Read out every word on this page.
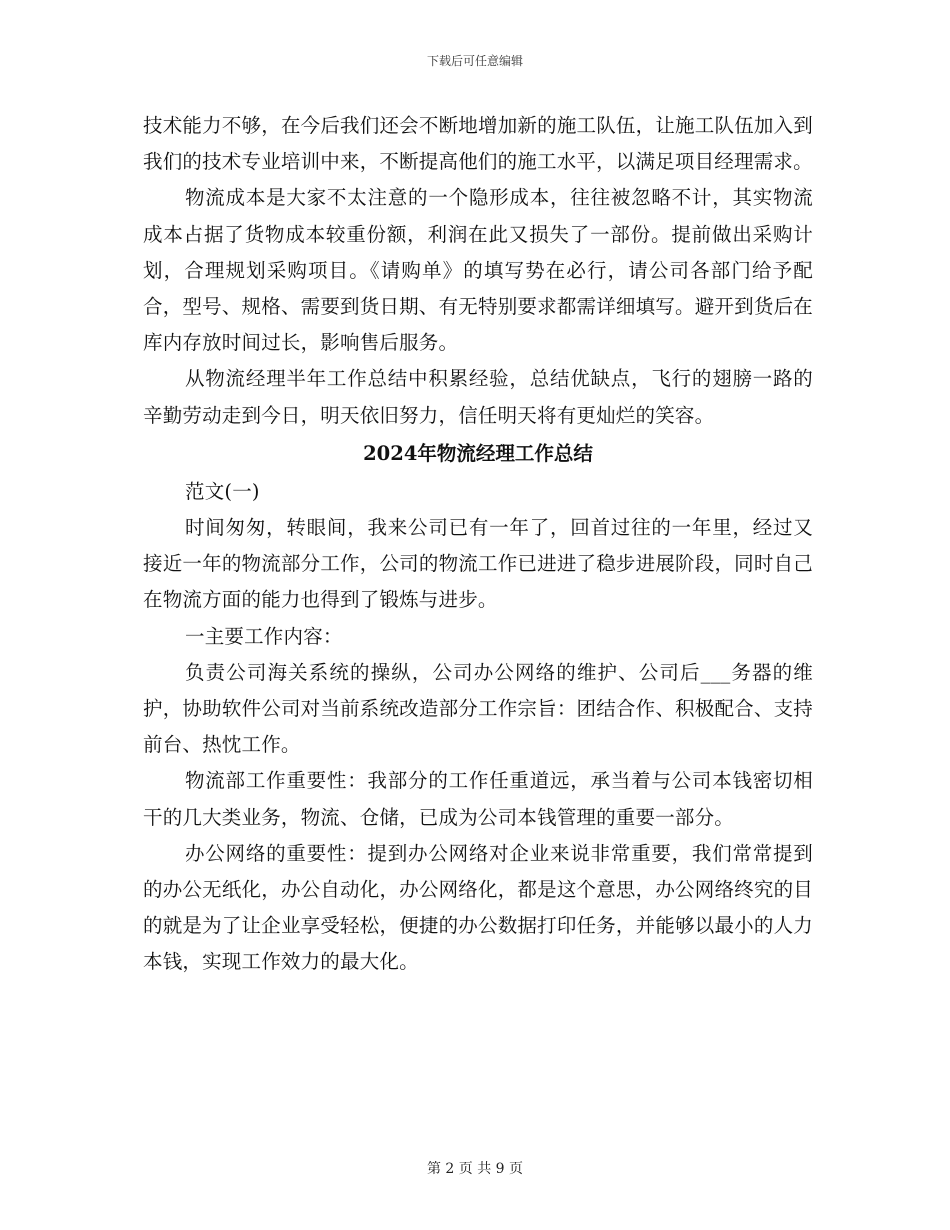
下载后可任意编辑

技术能力不够，在今后我们还会不断地增加新的施工队伍，让施工队伍加入到我们的技术专业培训中来，不断提高他们的施工水平，以满足项目经理需求。

物流成本是大家不太注意的一个隐形成本，往往被忽略不计，其实物流成本占据了货物成本较重份额，利润在此又损失了一部份。提前做出采购计划，合理规划采购项目。《请购单》的填写势在必行，请公司各部门给予配合，型号、规格、需要到货日期、有无特别要求都需详细填写。避开到货后在库内存放时间过长，影响售后服务。

从物流经理半年工作总结中积累经验，总结优缺点，飞行的翅膀一路的辛勤劳动走到今日，明天依旧努力，信任明天将有更灿烂的笑容。

2024年物流经理工作总结

范文(一)

时间匆匆，转眼间，我来公司已有一年了，回首过往的一年里，经过又接近一年的物流部分工作，公司的物流工作已进进了稳步进展阶段，同时自己在物流方面的能力也得到了锻炼与进步。

一主要工作内容：

负责公司海关系统的操纵，公司办公网络的维护、公司后___务器的维护，协助软件公司对当前系统改造部分工作宗旨：团结合作、积极配合、支持前台、热忱工作。

物流部工作重要性：我部分的工作任重道远，承当着与公司本钱密切相干的几大类业务，物流、仓储，已成为公司本钱管理的重要一部分。

办公网络的重要性：提到办公网络对企业来说非常重要，我们常常提到的办公无纸化，办公自动化，办公网络化，都是这个意思，办公网络终究的目的就是为了让企业享受轻松，便捷的办公数据打印任务，并能够以最小的人力本钱，实现工作效力的最大化。

第 2 页 共 9 页
